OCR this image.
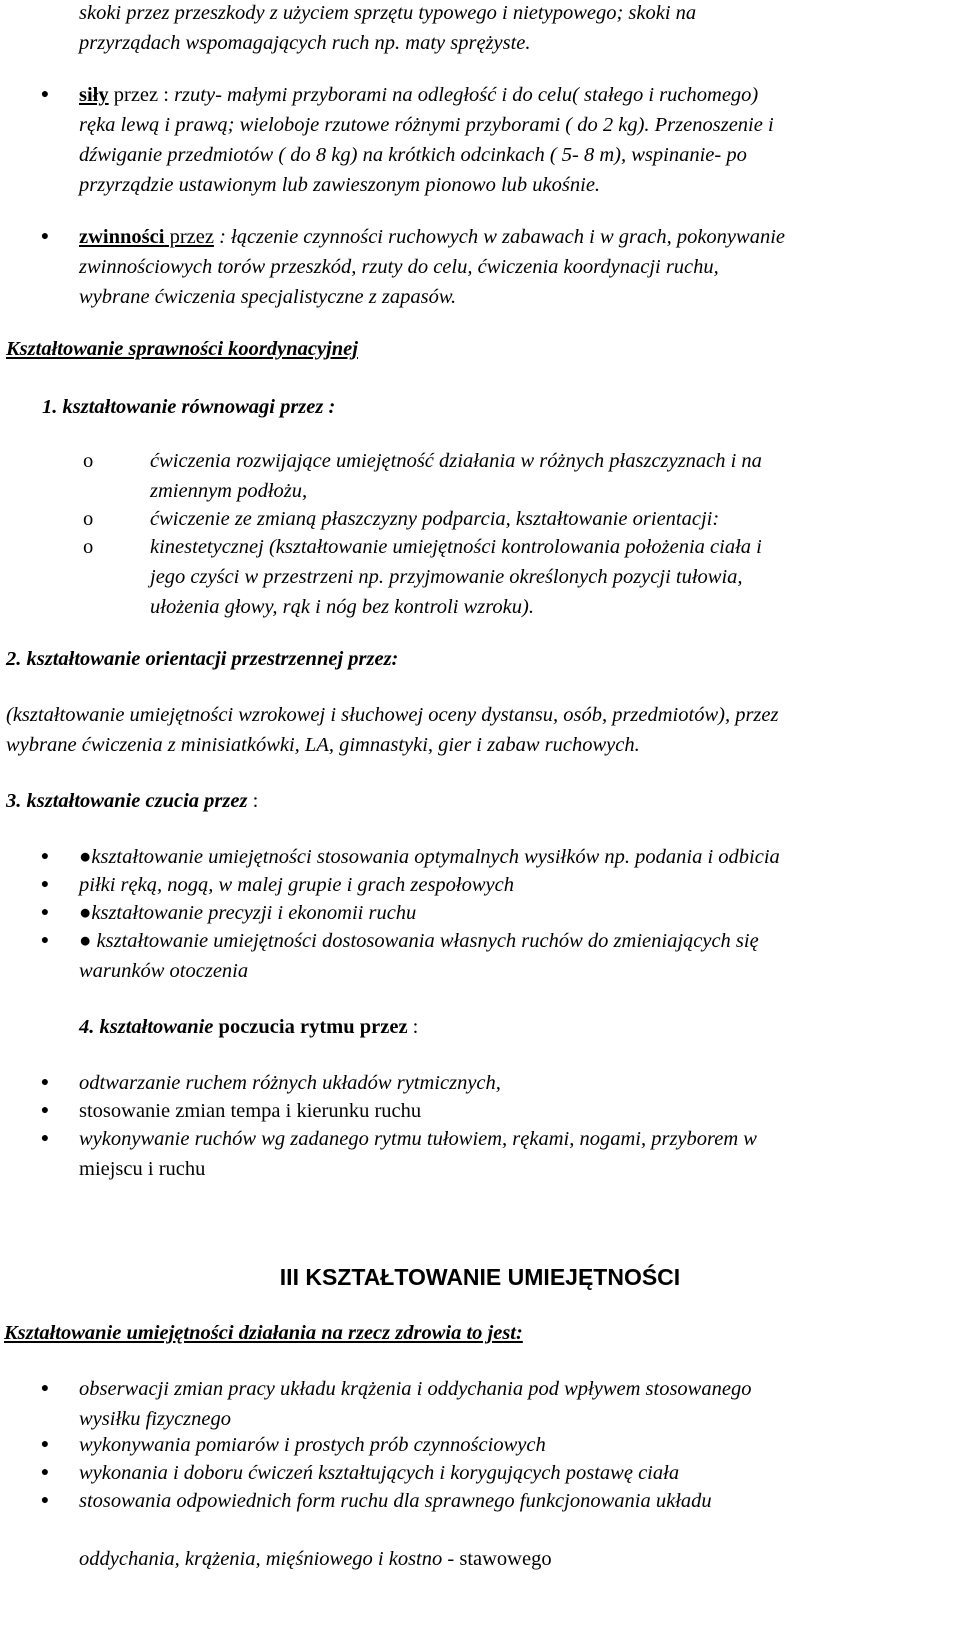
skoki przez przeszkody z użyciem sprzętu typowego i nietypowego; skoki na
przyrządach wspomagających ruch np. maty sprężyste.
● siły przez : rzuty- małymi przyborami na odległość i do celu( stałego i ruchomego)
ręka lewą i prawą; wieloboje rzutowe różnymi przyborami ( do 2 kg). Przenoszenie i
dźwiganie przedmiotów ( do 8 kg) na krótkich odcinkach ( 5- 8 m), wspinanie- po
przyrządzie ustawionym lub zawieszonym pionowo lub ukośnie.
● zwinności przez : łączenie czynności ruchowych w zabawach i w grach, pokonywanie
zwinnościowych torów przeszkód, rzuty do celu, ćwiczenia koordynacji ruchu,
wybrane ćwiczenia specjalistyczne z zapasów.
Kształtowanie sprawności koordynacyjnej
1. kształtowanie równowagi przez :
o	ćwiczenia rozwijające umiejętność działania w różnych płaszczyznach i na
zmiennym podłożu,
o	ćwiczenie ze zmianą płaszczyzny podparcia, kształtowanie orientacji:
o	kinestetycznej (kształtowanie umiejętności kontrolowania położenia ciała i
jego czyści w przestrzeni np. przyjmowanie określonych pozycji tułowia,
ułożenia głowy, rąk i nóg bez kontroli wzroku).
2. kształtowanie orientacji przestrzennej przez:
(kształtowanie umiejętności wzrokowej i słuchowej oceny dystansu, osób, przedmiotów), przez
wybrane ćwiczenia z minisiatkówki, LA, gimnastyki, gier i zabaw ruchowych.
3. kształtowanie czucia przez :
● ●kształtowanie umiejętności stosowania optymalnych wysiłków np. podania i odbicia
● piłki ręką, nogą, w malej grupie i grach zespołowych
● ●kształtowanie precyzji i ekonomii ruchu
● ● kształtowanie umiejętności dostosowania własnych ruchów do zmieniających się
warunków otoczenia
4. kształtowanie poczucia rytmu przez :
● odtwarzanie ruchem różnych układów rytmicznych,
● stosowanie zmian tempa i kierunku ruchu
● wykonywanie ruchów wg zadanego rytmu tułowiem, rękami, nogami, przyborem w
miejscu i ruchu
III KSZTAŁTOWANIE UMIEJĘTNOŚCI
Kształtowanie umiejętności działania na rzecz zdrowia to jest:
● obserwacji zmian pracy układu krążenia i oddychania pod wpływem stosowanego
wysiłku fizycznego
● wykonywania pomiarów i prostych prób czynnościowych
● wykonania i doboru ćwiczeń kształtujących i korygujących postawę ciała
● stosowania odpowiednich form ruchu dla sprawnego funkcjonowania układu
oddychania, krążenia, mięśniowego i kostno - stawowego
